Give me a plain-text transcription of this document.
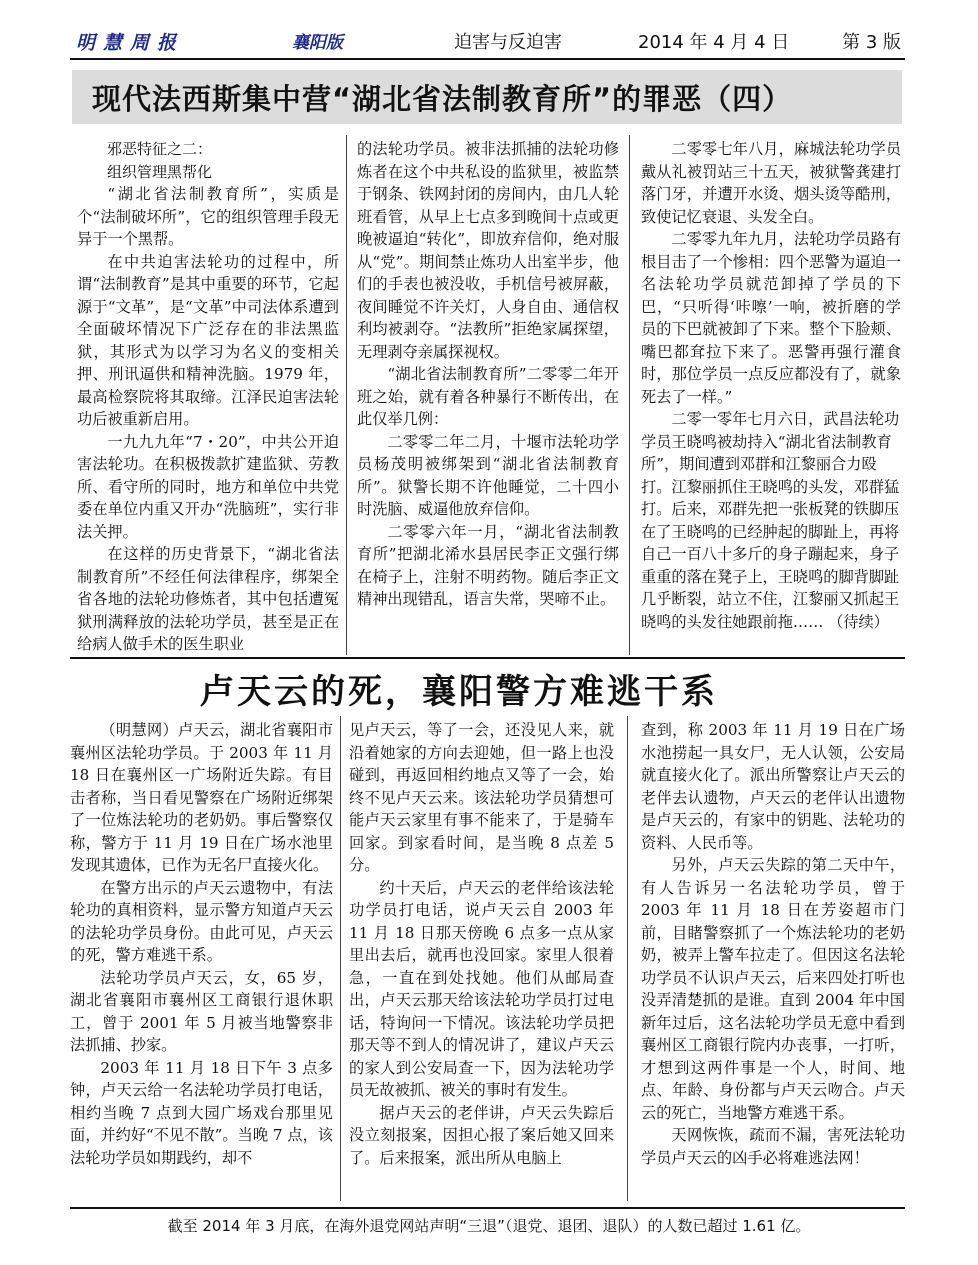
明慧周报	襄阳版	迫害与反迫害	2014 年 4 月 4 日	第 3 版
现代法西斯集中营“湖北省法制教育所”的罪恶（四）

邪恶特征之二：

组织管理黑帮化

“湖北省法制教育所”，实质是个“法制破坏所”，它的组织管理手段无异于一个黑帮。

在中共迫害法轮功的过程中，所谓“法制教育”是其中重要的环节，它起源于“文革”，是“文革”中司法体系遭到全面破坏情况下广泛存在的非法黑监狱，其形式为以学习为名义的变相关押、刑讯逼供和精神洗脑。1979 年，最高检察院将其取缔。江泽民迫害法轮功后被重新启用。

一九九九年“7・20”，中共公开迫害法轮功。在积极拨款扩建监狱、劳教所、看守所的同时，地方和单位中共党委在单位内重又开办“洗脑班”，实行非法关押。

在这样的历史背景下，“湖北省法制教育所”不经任何法律程序，绑架全省各地的法轮功修炼者，其中包括遭冤狱刑满释放的法轮功学员，甚至是正在给病人做手术的医生职业

的法轮功学员。被非法抓捕的法轮功修炼者在这个中共私设的监狱里，被监禁于钢条、铁网封闭的房间内，由几人轮班看管，从早上七点多到晚间十点或更晚被逼迫“转化”，即放弃信仰，绝对服从“党”。期间禁止炼功人出室半步，他们的手表也被没收，手机信号被屏蔽，夜间睡觉不许关灯，人身自由、通信权利均被剥夺。“法教所”拒绝家属探望，无理剥夺亲属探视权。

“湖北省法制教育所”二零零二年开班之始，就有着各种暴行不断传出，在此仅举几例：

二零零二年二月，十堰市法轮功学员杨茂明被绑架到“湖北省法制教育所”。狱警长期不许他睡觉，二十四小时洗脑、威逼他放弃信仰。

二零零六年一月，“湖北省法制教育所”把湖北浠水县居民李正文强行绑在椅子上，注射不明药物。随后李正文精神出现错乱，语言失常，哭啼不止。

二零零七年八月，麻城法轮功学员戴从礼被罚站三十五天，被狱警龚建打落门牙，并遭开水烫、烟头烫等酷刑，致使记忆衰退、头发全白。

二零零九年九月，法轮功学员路有根目击了一个惨相：四个恶警为逼迫一名法轮功学员就范卸掉了学员的下巴，“只听得‘咔嚓’一响，被折磨的学员的下巴就被卸了下来。整个下脸颊、嘴巴都耷拉下来了。恶警再强行灌食时，那位学员一点反应都没有了，就象死去了一样。”

二零一零年七月六日，武昌法轮功学员王晓鸣被劫持入“湖北省法制教育所”，期间遭到邓群和江黎丽合力殴打。江黎丽抓住王晓鸣的头发，邓群猛打。后来，邓群先把一张板凳的铁脚压在了王晓鸣的已经肿起的脚趾上，再将自己一百八十多斤的身子蹦起来，身子重重的落在凳子上，王晓鸣的脚背脚趾几乎断裂，站立不住，江黎丽又抓起王晓鸣的头发往她跟前拖…… （待续）

卢天云的死，襄阳警方难逃干系

（明慧网）卢天云，湖北省襄阳市襄州区法轮功学员。于 2003 年 11 月 18 日在襄州区一广场附近失踪。有目击者称，当日看见警察在广场附近绑架了一位炼法轮功的老奶奶。事后警察仅称，警方于 11 月 19 日在广场水池里发现其遗体，已作为无名尸直接火化。

在警方出示的卢天云遗物中，有法轮功的真相资料，显示警方知道卢天云的法轮功学员身份。由此可见，卢天云的死，警方难逃干系。

法轮功学员卢天云，女，65 岁，湖北省襄阳市襄州区工商银行退休职工，曾于 2001 年 5 月被当地警察非法抓捕、抄家。

2003 年 11 月 18 日下午 3 点多钟，卢天云给一名法轮功学员打电话，相约当晚 7 点到大园广场戏台那里见面，并约好“不见不散”。当晚 7 点，该法轮功学员如期践约，却不

见卢天云，等了一会，还没见人来，就沿着她家的方向去迎她，但一路上也没碰到，再返回相约地点又等了一会，始终不见卢天云来。该法轮功学员猜想可能卢天云家里有事不能来了，于是骑车回家。到家看时间，是当晚 8 点差 5 分。

约十天后，卢天云的老伴给该法轮功学员打电话，说卢天云自 2003 年 11 月 18 日那天傍晚 6 点多一点从家里出去后，就再也没回家。家里人很着急，一直在到处找她。他们从邮局查出，卢天云那天给该法轮功学员打过电话，特询问一下情况。该法轮功学员把那天等不到人的情况讲了，建议卢天云的家人到公安局查一下，因为法轮功学员无故被抓、被关的事时有发生。

据卢天云的老伴讲，卢天云失踪后没立刻报案，因担心报了案后她又回来了。后来报案，派出所从电脑上

查到，称 2003 年 11 月 19 日在广场水池捞起一具女尸，无人认领，公安局就直接火化了。派出所警察让卢天云的老伴去认遗物，卢天云的老伴认出遗物是卢天云的，有家中的钥匙、法轮功的资料、人民币等。

另外，卢天云失踪的第二天中午，有人告诉另一名法轮功学员，曾于 2003 年 11 月 18 日在芳姿超市门前，目睹警察抓了一个炼法轮功的老奶奶，被弄上警车拉走了。但因这名法轮功学员不认识卢天云，后来四处打听也没弄清楚抓的是谁。直到 2004 年中国新年过后，这名法轮功学员无意中看到襄州区工商银行院内办丧事，一打听，才想到这两件事是一个人，时间、地点、年龄、身份都与卢天云吻合。卢天云的死亡，当地警方难逃干系。

天网恢恢，疏而不漏，害死法轮功学员卢天云的凶手必将难逃法网！

截至 2014 年 3 月底，在海外退党网站声明“三退”（退党、退团、退队）的人数已超过 1.61 亿。
